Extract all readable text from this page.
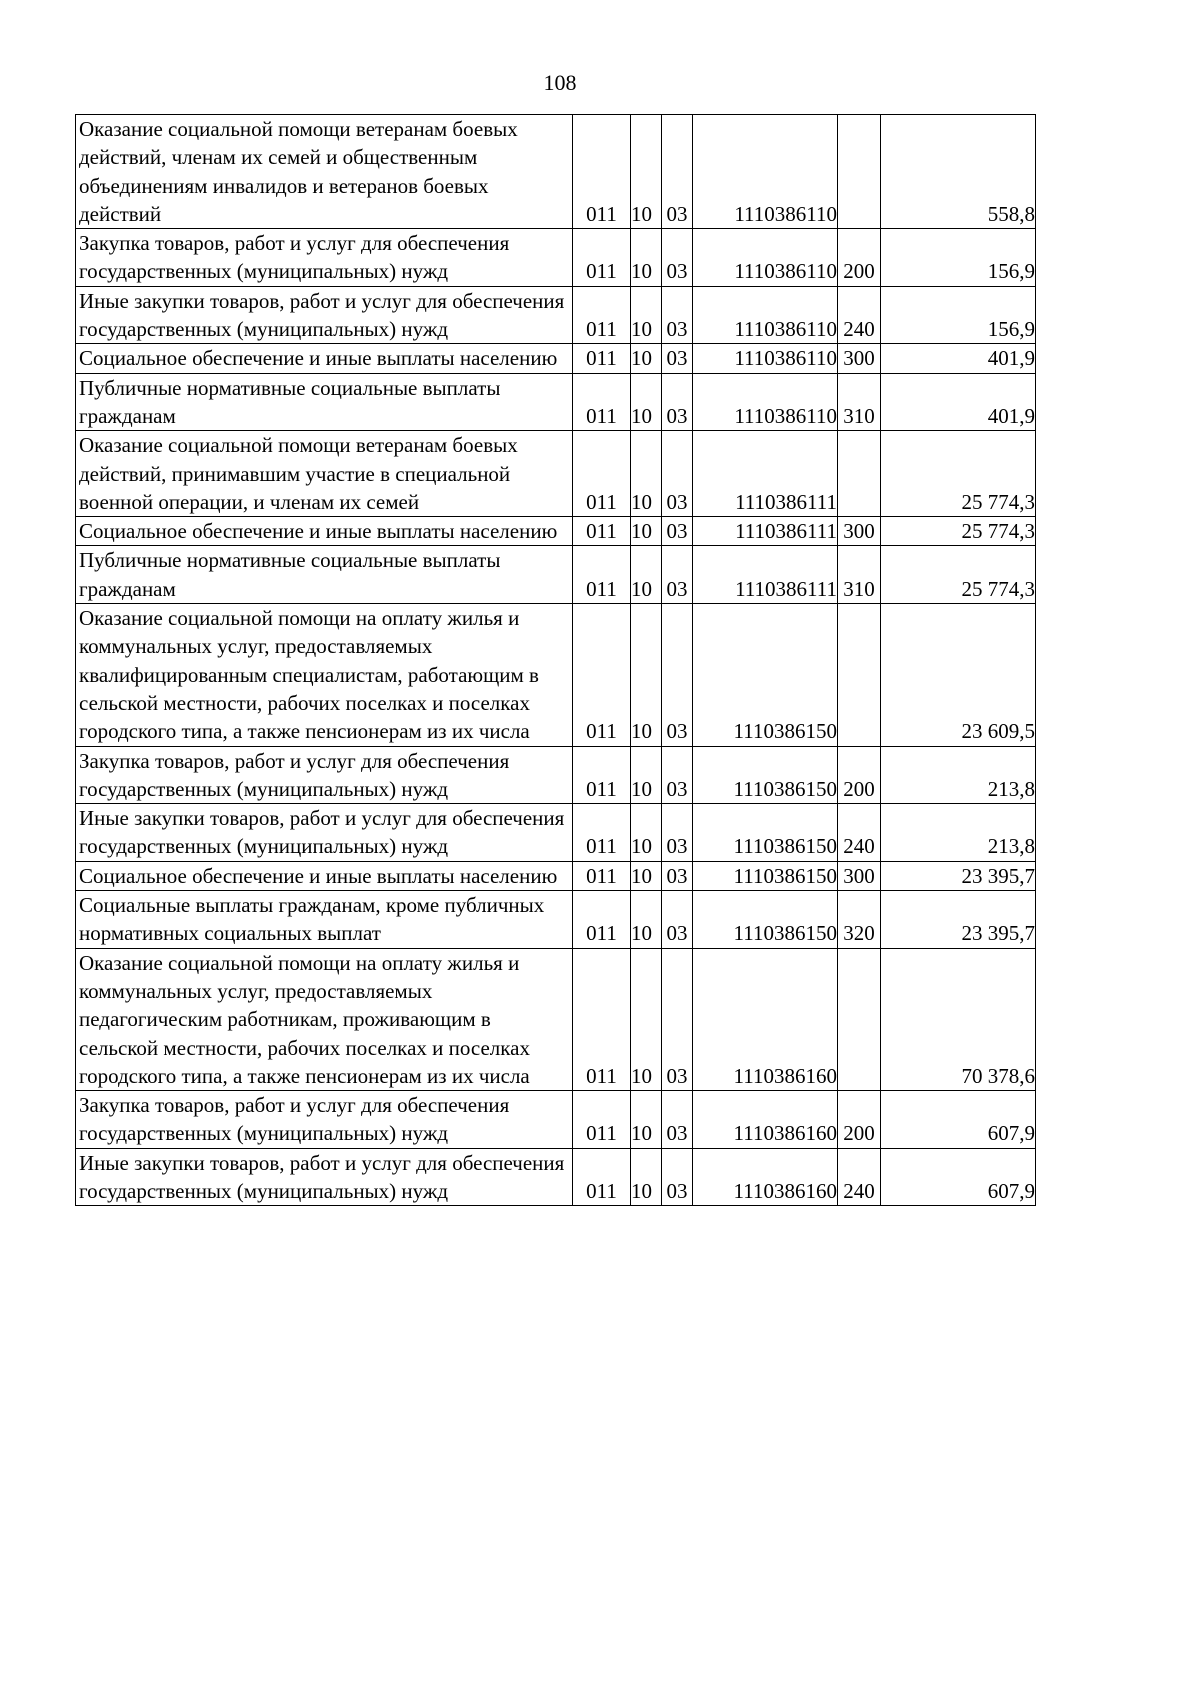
108
Оказание социальной помощи ветеранам боевых действий, членам их семей и общественным объединениям инвалидов и ветеранов боевых действий	011	10	03	1110386110		558,8
Закупка товаров, работ и услуг для обеспечения государственных (муниципальных) нужд	011	10	03	1110386110	200	156,9
Иные закупки товаров, работ и услуг для обеспечения государственных (муниципальных) нужд	011	10	03	1110386110	240	156,9
Социальное обеспечение и иные выплаты населению	011	10	03	1110386110	300	401,9
Публичные нормативные социальные выплаты гражданам	011	10	03	1110386110	310	401,9
Оказание социальной помощи ветеранам боевых действий, принимавшим участие в специальной военной операции, и членам их семей	011	10	03	1110386111		25 774,3
Социальное обеспечение и иные выплаты населению	011	10	03	1110386111	300	25 774,3
Публичные нормативные социальные выплаты гражданам	011	10	03	1110386111	310	25 774,3
Оказание социальной помощи на оплату жилья и коммунальных услуг, предоставляемых квалифицированным специалистам, работающим в сельской местности, рабочих поселках и поселках городского типа, а также пенсионерам из их числа	011	10	03	1110386150		23 609,5
Закупка товаров, работ и услуг для обеспечения государственных (муниципальных) нужд	011	10	03	1110386150	200	213,8
Иные закупки товаров, работ и услуг для обеспечения государственных (муниципальных) нужд	011	10	03	1110386150	240	213,8
Социальное обеспечение и иные выплаты населению	011	10	03	1110386150	300	23 395,7
Социальные выплаты гражданам, кроме публичных нормативных социальных выплат	011	10	03	1110386150	320	23 395,7
Оказание социальной помощи на оплату жилья и коммунальных услуг, предоставляемых педагогическим работникам, проживающим в сельской местности, рабочих поселках и поселках городского типа, а также пенсионерам из их числа	011	10	03	1110386160		70 378,6
Закупка товаров, работ и услуг для обеспечения государственных (муниципальных) нужд	011	10	03	1110386160	200	607,9
Иные закупки товаров, работ и услуг для обеспечения государственных (муниципальных) нужд	011	10	03	1110386160	240	607,9
